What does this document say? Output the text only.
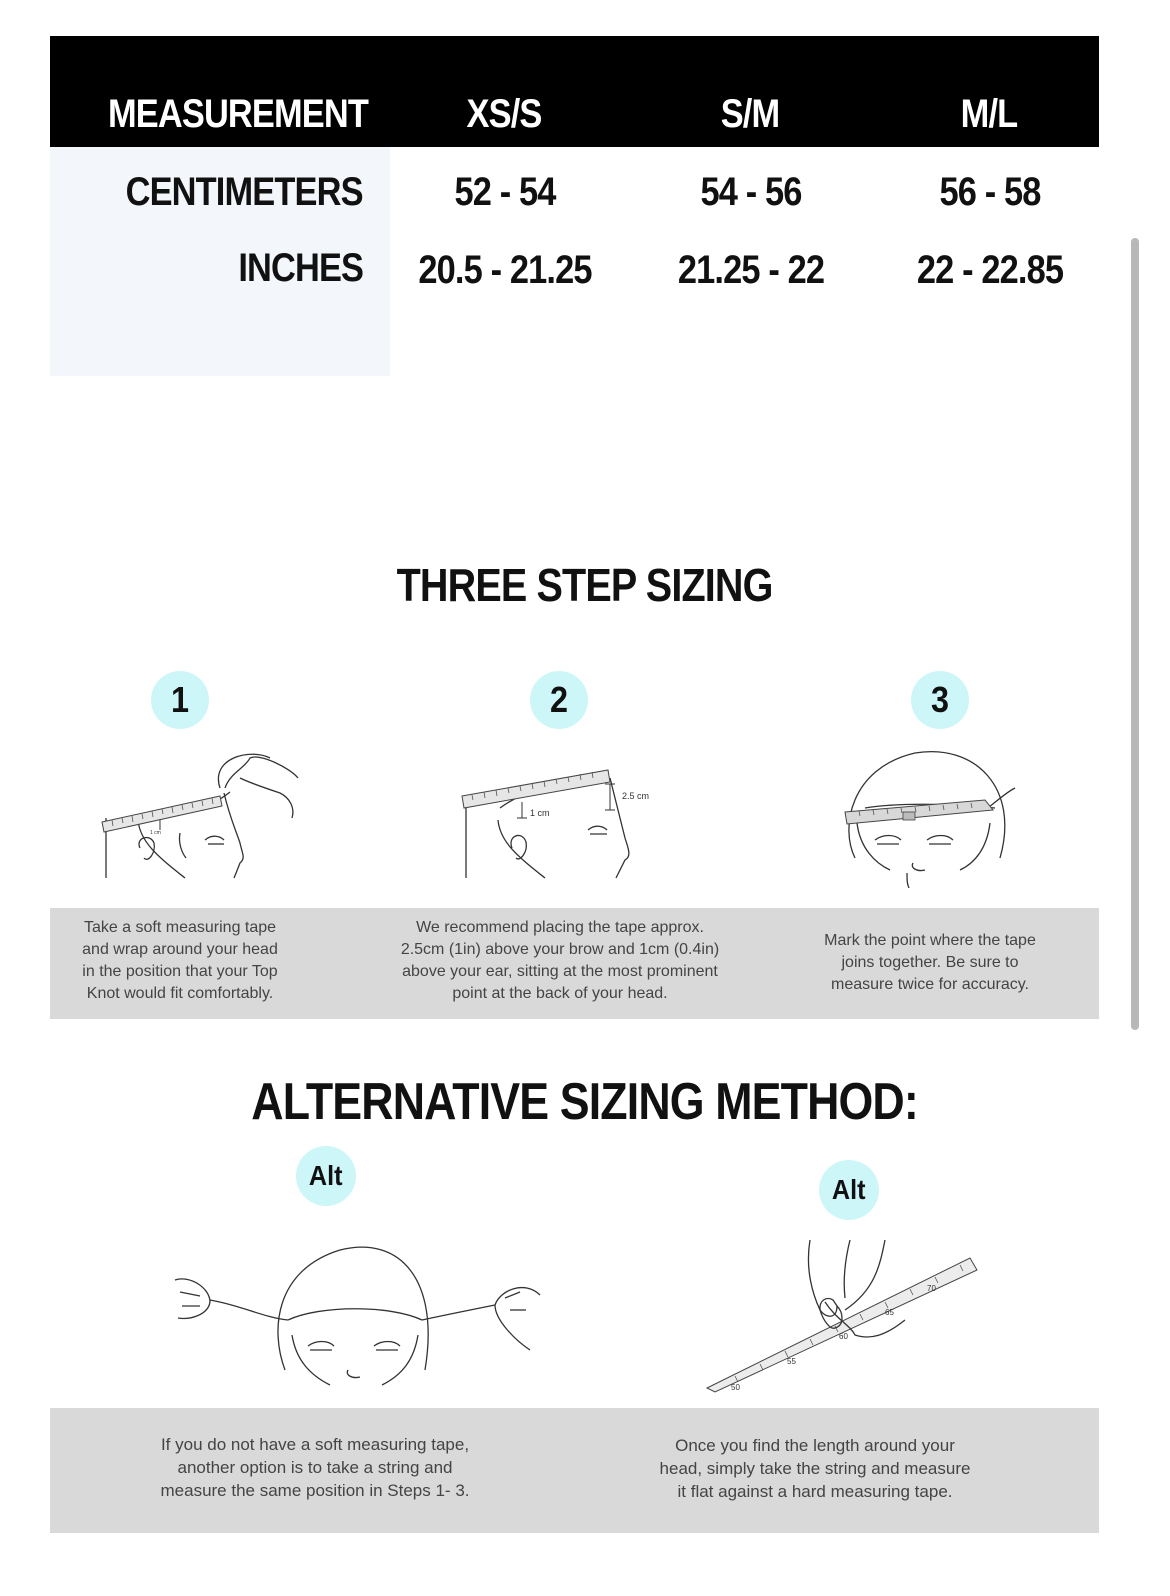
MEASUREMENT XS/S	S/M	M/L
CENTIMETERS	52 - 54	54 - 56	56 - 58
INCHES	20.5 - 21.25	21.25 - 22	22 - 22.85
THREE STEP SIZING
1	2	3
1 cm
1 cm
2.5 cm
Take a soft measuring tape
and wrap around your head
in the position that your Top
Knot would fit comfortably.
We recommend placing the tape approx.
2.5cm (1in) above your brow and 1cm (0.4in)
above your ear, sitting at the most prominent
point at the back of your head.
Mark the point where the tape
joins together. Be sure to
measure twice for accuracy.
ALTERNATIVE SIZING METHOD:
Alt	Alt
50
55
60
65
70
If you do not have a soft measuring tape,
another option is to take a string and
measure the same position in Steps 1- 3.
Once you find the length around your
head, simply take the string and measure
it flat against a hard measuring tape.
